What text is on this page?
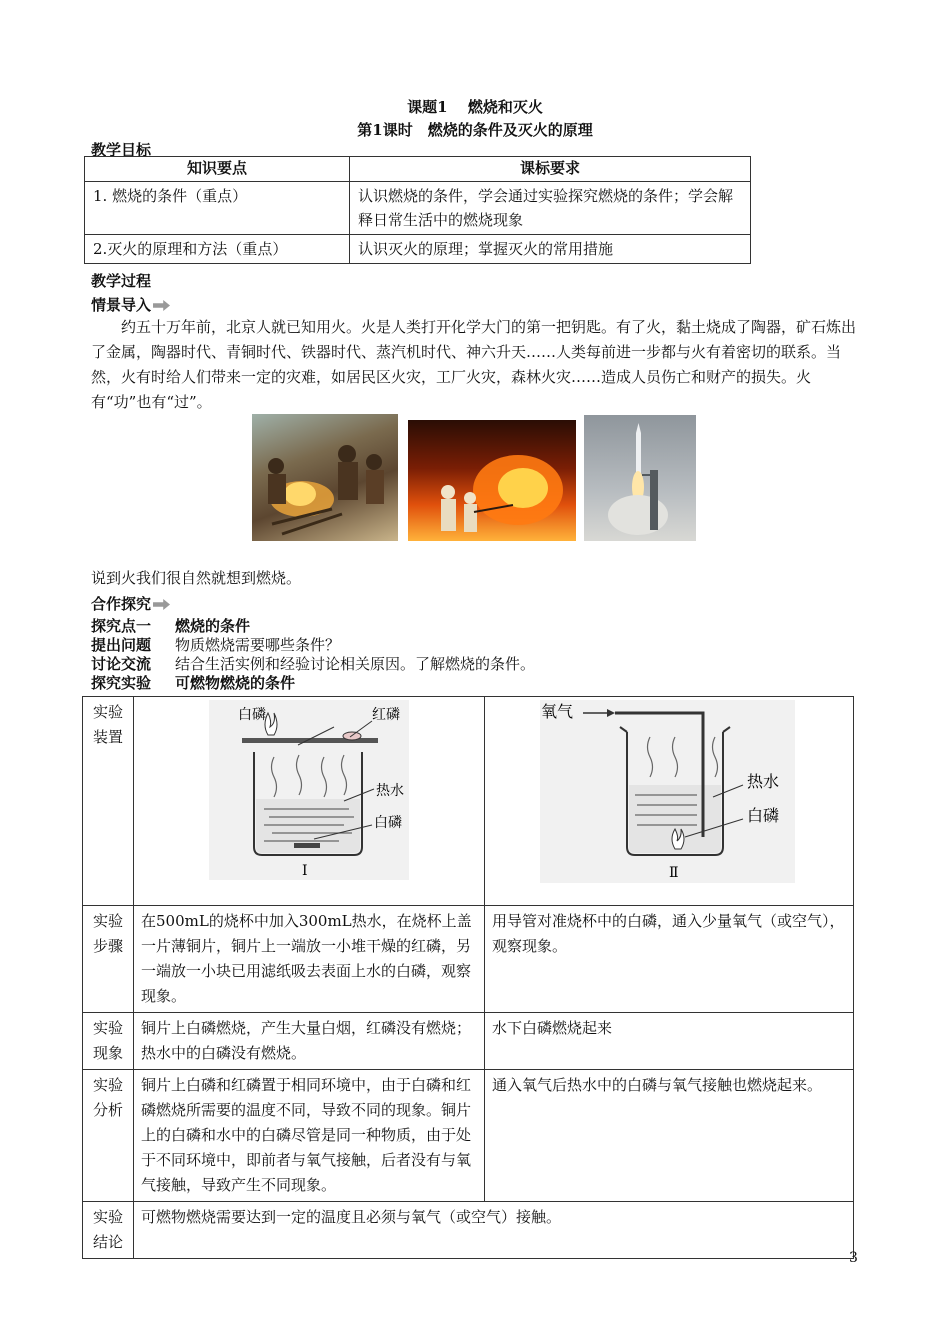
课题1　 燃烧和灭火
第1课时　燃烧的条件及灭火的原理
教学目标
知识要点	课标要求
1. 燃烧的条件（重点）	认识燃烧的条件，学会通过实验探究燃烧的条件；学会解释日常生活中的燃烧现象
2.灭火的原理和方法（重点）	认识灭火的原理；掌握灭火的常用措施
教学过程
情景导入
约五十万年前，北京人就已知用火。火是人类打开化学大门的第一把钥匙。有了火，黏土烧成了陶器，矿石炼出了金属，陶器时代、青铜时代、铁器时代、蒸汽机时代、神六升天……人类每前进一步都与火有着密切的联系。当然，火有时给人们带来一定的灾难，如居民区火灾，工厂火灾，森林火灾……造成人员伤亡和财产的损失。火有“功”也有“过”。
说到火我们很自然就想到燃烧。
合作探究
探究点一 燃烧的条件
提出问题 物质燃烧需要哪些条件？
讨论交流 结合生活实例和经验讨论相关原因。了解燃烧的条件。
探究实验 可燃物燃烧的条件
实验装置	白磷 红磷
热水
白磷
Ⅰ	氧气
热水
白磷
Ⅱ

实验步骤	在500mL的烧杯中加入300mL热水，在烧杯上盖一片薄铜片，铜片上一端放一小堆干燥的红磷，另一端放一小块已用滤纸吸去表面上水的白磷，观察现象。	用导管对准烧杯中的白磷，通入少量氧气（或空气），观察现象。
实验现象	铜片上白磷燃烧，产生大量白烟，红磷没有燃烧；热水中的白磷没有燃烧。	水下白磷燃烧起来
实验分析	铜片上白磷和红磷置于相同环境中，由于白磷和红磷燃烧所需要的温度不同，导致不同的现象。铜片上的白磷和水中的白磷尽管是同一种物质，由于处于不同环境中，即前者与氧气接触，后者没有与氧气接触，导致产生不同现象。	通入氧气后热水中的白磷与氧气接触也燃烧起来。
实验结论	可燃物燃烧需要达到一定的温度且必须与氧气（或空气）接触。	
3
